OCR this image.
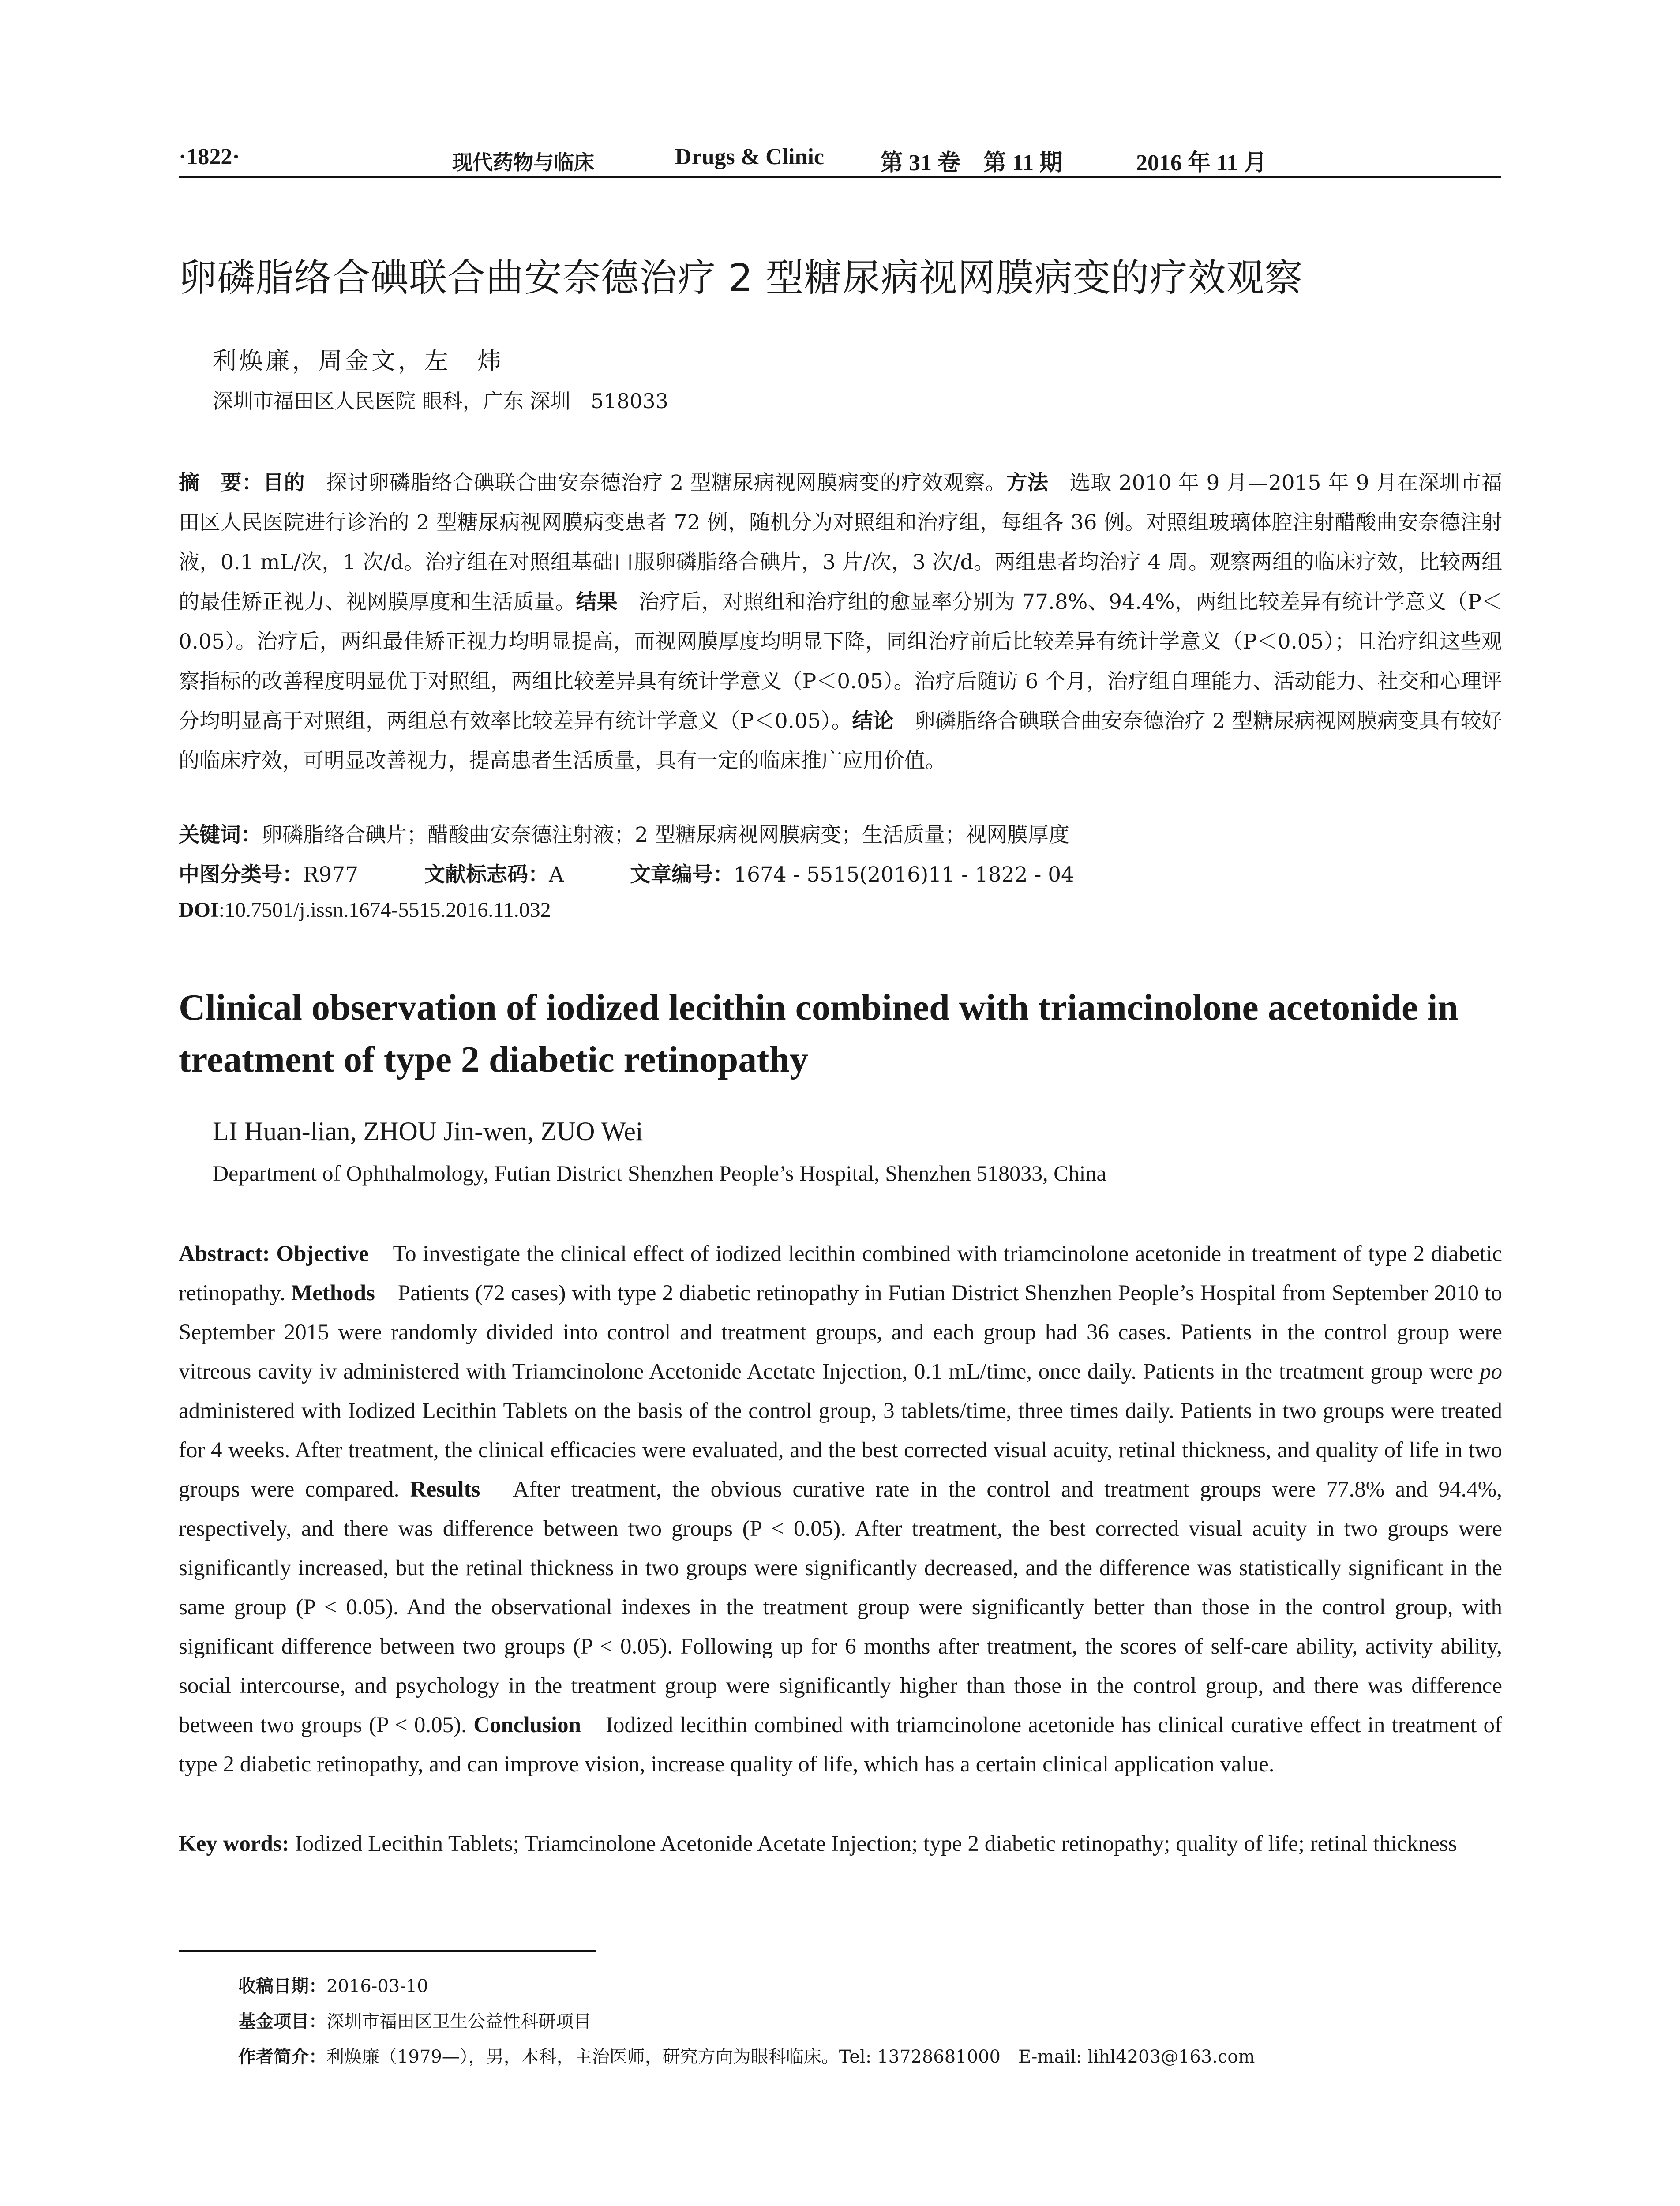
·1822·	现代药物与临床	Drugs & Clinic 第 31 卷　第 11 期	2016 年 11 月
卵磷脂络合碘联合曲安奈德治疗 2 型糖尿病视网膜病变的疗效观察
利焕廉，周金文，左　炜
深圳市福田区人民医院 眼科，广东 深圳　518033
摘　要：目的　探讨卵磷脂络合碘联合曲安奈德治疗 2 型糖尿病视网膜病变的疗效观察。方法　选取 2010 年 9 月—2015 年 9 月在深圳市福田区人民医院进行诊治的 2 型糖尿病视网膜病变患者 72 例，随机分为对照组和治疗组，每组各 36 例。对照组玻璃体腔注射醋酸曲安奈德注射液，0.1 mL/次，1 次/d。治疗组在对照组基础口服卵磷脂络合碘片，3 片/次，3 次/d。两组患者均治疗 4 周。观察两组的临床疗效，比较两组的最佳矫正视力、视网膜厚度和生活质量。结果　治疗后，对照组和治疗组的愈显率分别为 77.8%、94.4%，两组比较差异有统计学意义（P＜0.05）。治疗后，两组最佳矫正视力均明显提高，而视网膜厚度均明显下降，同组治疗前后比较差异有统计学意义（P＜0.05）；且治疗组这些观察指标的改善程度明显优于对照组，两组比较差异具有统计学意义（P＜0.05）。治疗后随访 6 个月，治疗组自理能力、活动能力、社交和心理评分均明显高于对照组，两组总有效率比较差异有统计学意义（P＜0.05）。结论　卵磷脂络合碘联合曲安奈德治疗 2 型糖尿病视网膜病变具有较好的临床疗效，可明显改善视力，提高患者生活质量，具有一定的临床推广应用价值。
关键词：卵磷脂络合碘片；醋酸曲安奈德注射液；2 型糖尿病视网膜病变；生活质量；视网膜厚度
中图分类号：R977	文献标志码：A	文章编号：1674 - 5515(2016)11 - 1822 - 04
DOI:10.7501/j.issn.1674-5515.2016.11.032
Clinical observation of iodized lecithin combined with triamcinolone acetonide in treatment of type 2 diabetic retinopathy
LI Huan-lian, ZHOU Jin-wen, ZUO Wei
Department of Ophthalmology, Futian District Shenzhen People’s Hospital, Shenzhen 518033, China
Abstract: Objective　To investigate the clinical effect of iodized lecithin combined with triamcinolone acetonide in treatment of type 2 diabetic retinopathy. Methods　Patients (72 cases) with type 2 diabetic retinopathy in Futian District Shenzhen People’s Hospital from September 2010 to September 2015 were randomly divided into control and treatment groups, and each group had 36 cases. Patients in the control group were vitreous cavity iv administered with Triamcinolone Acetonide Acetate Injection, 0.1 mL/time, once daily. Patients in the treatment group were po administered with Iodized Lecithin Tablets on the basis of the control group, 3 tablets/time, three times daily. Patients in two groups were treated for 4 weeks. After treatment, the clinical efficacies were evaluated, and the best corrected visual acuity, retinal thickness, and quality of life in two groups were compared. Results　After treatment, the obvious curative rate in the control and treatment groups were 77.8% and 94.4%, respectively, and there was difference between two groups (P < 0.05). After treatment, the best corrected visual acuity in two groups were significantly increased, but the retinal thickness in two groups were significantly decreased, and the difference was statistically significant in the same group (P < 0.05). And the observational indexes in the treatment group were significantly better than those in the control group, with significant difference between two groups (P < 0.05). Following up for 6 months after treatment, the scores of self-care ability, activity ability, social intercourse, and psychology in the treatment group were significantly higher than those in the control group, and there was difference between two groups (P < 0.05). Conclusion　Iodized lecithin combined with triamcinolone acetonide has clinical curative effect in treatment of type 2 diabetic retinopathy, and can improve vision, increase quality of life, which has a certain clinical application value.
Key words: Iodized Lecithin Tablets; Triamcinolone Acetonide Acetate Injection; type 2 diabetic retinopathy; quality of life; retinal thickness
收稿日期：2016-03-10
基金项目：深圳市福田区卫生公益性科研项目
作者简介：利焕廉（1979—），男，本科，主治医师，研究方向为眼科临床。Tel: 13728681000　E-mail: lihl4203@163.com
